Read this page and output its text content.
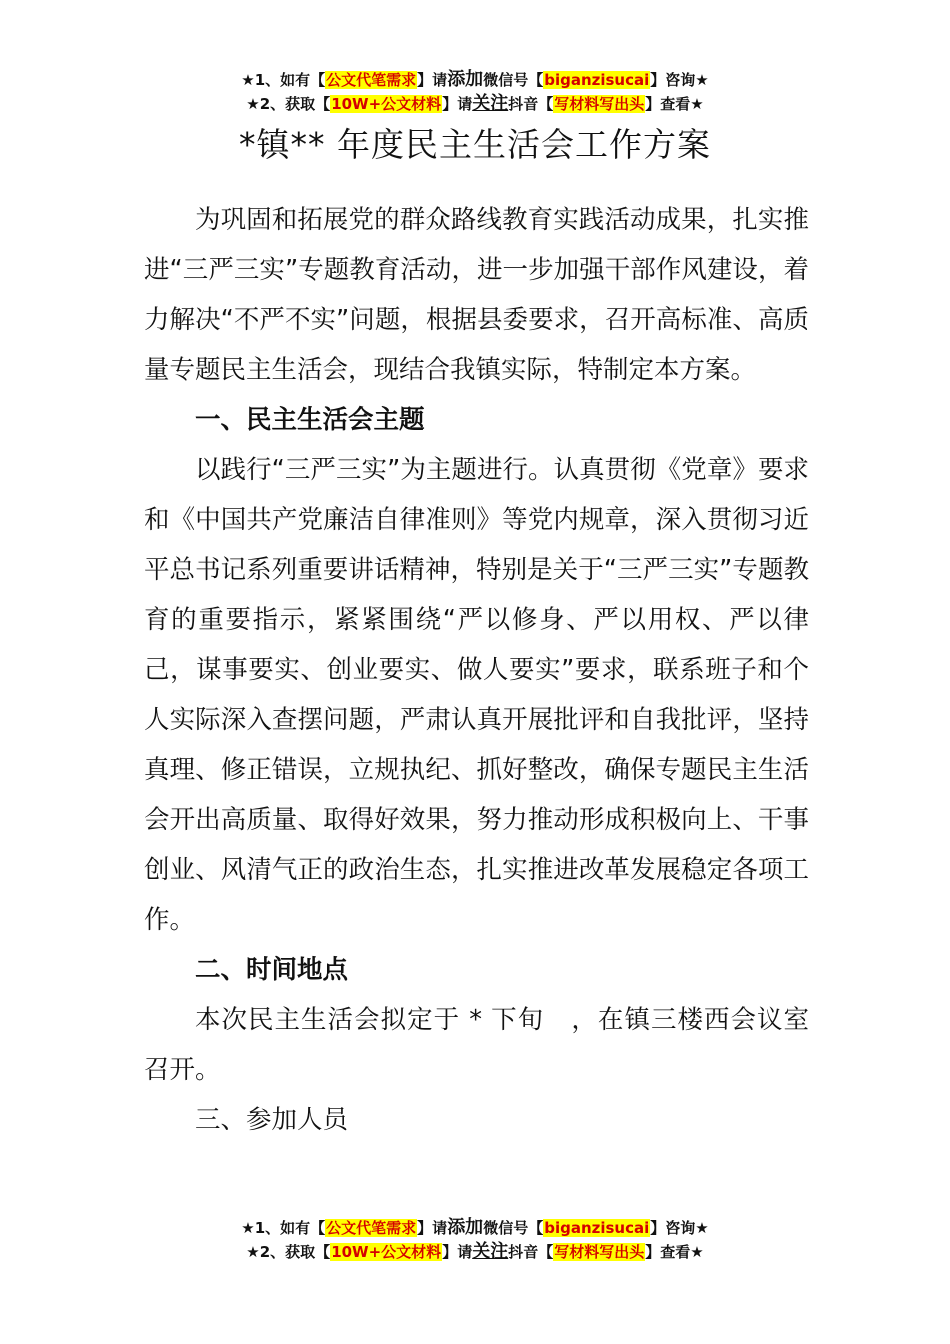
★1、如有【公文代笔需求】请添加微信号【biganzisucai】咨询★
★2、获取【10W+公文材料】请关注抖音【写材料写出头】查看★
*镇** 年度民主生活会工作方案

为巩固和拓展党的群众路线教育实践活动成果，扎实推进“三严三实”专题教育活动，进一步加强干部作风建设，着力解决“不严不实”问题，根据县委要求，召开高标准、高质量专题民主生活会，现结合我镇实际，特制定本方案。

一、民主生活会主题

以践行“三严三实”为主题进行。认真贯彻《党章》要求和《中国共产党廉洁自律准则》等党内规章，深入贯彻习近平总书记系列重要讲话精神，特别是关于“三严三实”专题教育的重要指示，紧紧围绕“严以修身、严以用权、严以律己，谋事要实、创业要实、做人要实”要求，联系班子和个人实际深入查摆问题，严肃认真开展批评和自我批评，坚持真理、修正错误，立规执纪、抓好整改，确保专题民主生活会开出高质量、取得好效果，努力推动形成积极向上、干事创业、风清气正的政治生态，扎实推进改革发展稳定各项工作。

二、时间地点

本次民主生活会拟定于 * 下旬   ，在镇三楼西会议室召开。

三、参加人员

★1、如有【公文代笔需求】请添加微信号【biganzisucai】咨询★
★2、获取【10W+公文材料】请关注抖音【写材料写出头】查看★
